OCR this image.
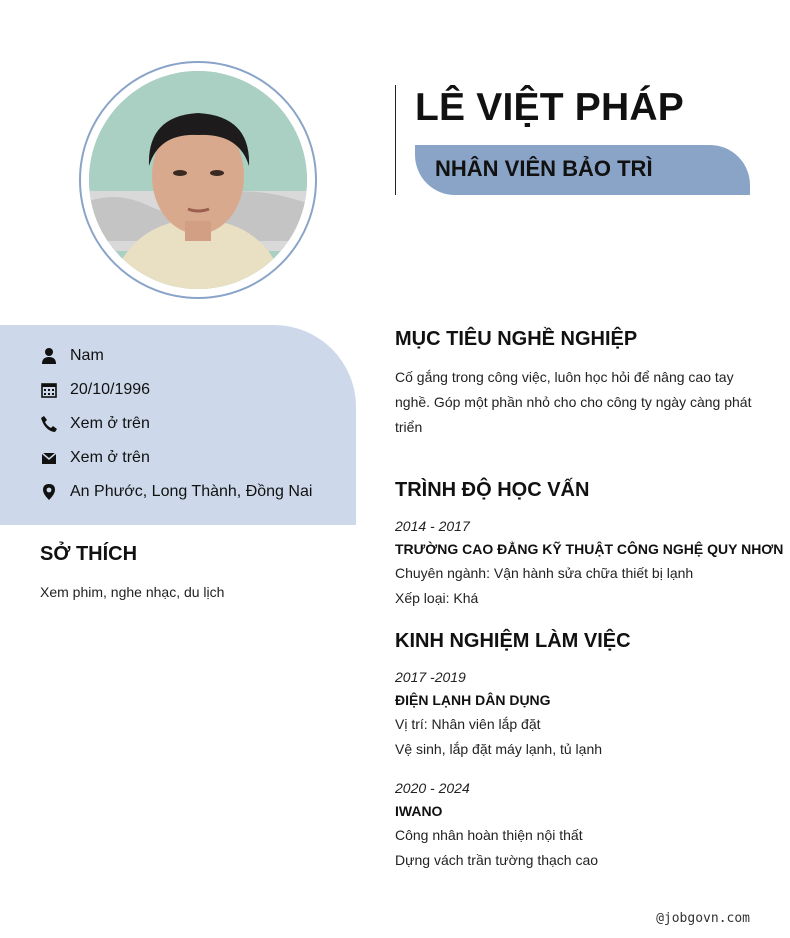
LÊ VIỆT PHÁP
NHÂN VIÊN BẢO TRÌ
Nam
20/10/1996
Xem ở trên
Xem ở trên
An Phước, Long Thành, Đồng Nai
SỞ THÍCH
Xem phim, nghe nhạc, du lịch
MỤC TIÊU NGHỀ NGHIỆP
Cố gắng trong công việc, luôn học hỏi để nâng cao tay
nghề. Góp một phần nhỏ cho cho công ty ngày càng phát
triển
TRÌNH ĐỘ HỌC VẤN
2014 - 2017
TRƯỜNG CAO ĐẲNG KỸ THUẬT CÔNG NGHỆ QUY NHƠN
Chuyên ngành: Vận hành sửa chữa thiết bị lạnh
Xếp loại: Khá
KINH NGHIỆM LÀM VIỆC
2017 -2019
ĐIỆN LẠNH DÂN DỤNG
Vị trí: Nhân viên lắp đặt
Vệ sinh, lắp đặt máy lạnh, tủ lạnh
2020 - 2024
IWANO
Công nhân hoàn thiện nội thất
Dựng vách trần tường thạch cao
@jobgovn.com
